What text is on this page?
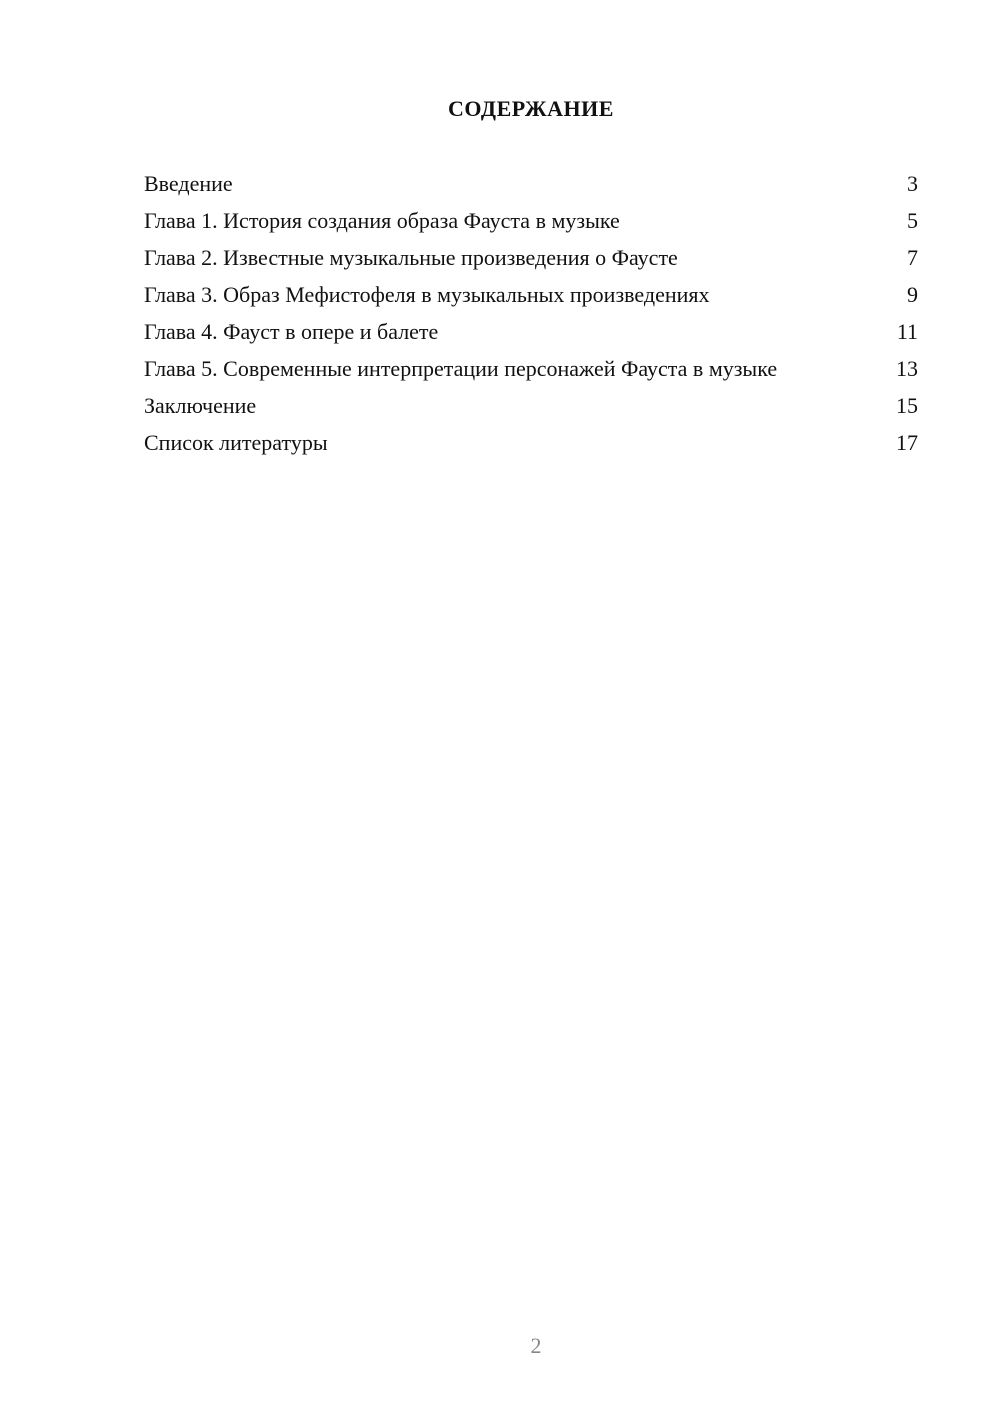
СОДЕРЖАНИЕ
Введение	3
Глава 1. История создания образа Фауста в музыке	5
Глава 2. Известные музыкальные произведения о Фаусте	7
Глава 3. Образ Мефистофеля в музыкальных произведениях	9
Глава 4. Фауст в опере и балете	11
Глава 5. Современные интерпретации персонажей Фауста в музыке	13
Заключение	15
Список литературы	17
2
